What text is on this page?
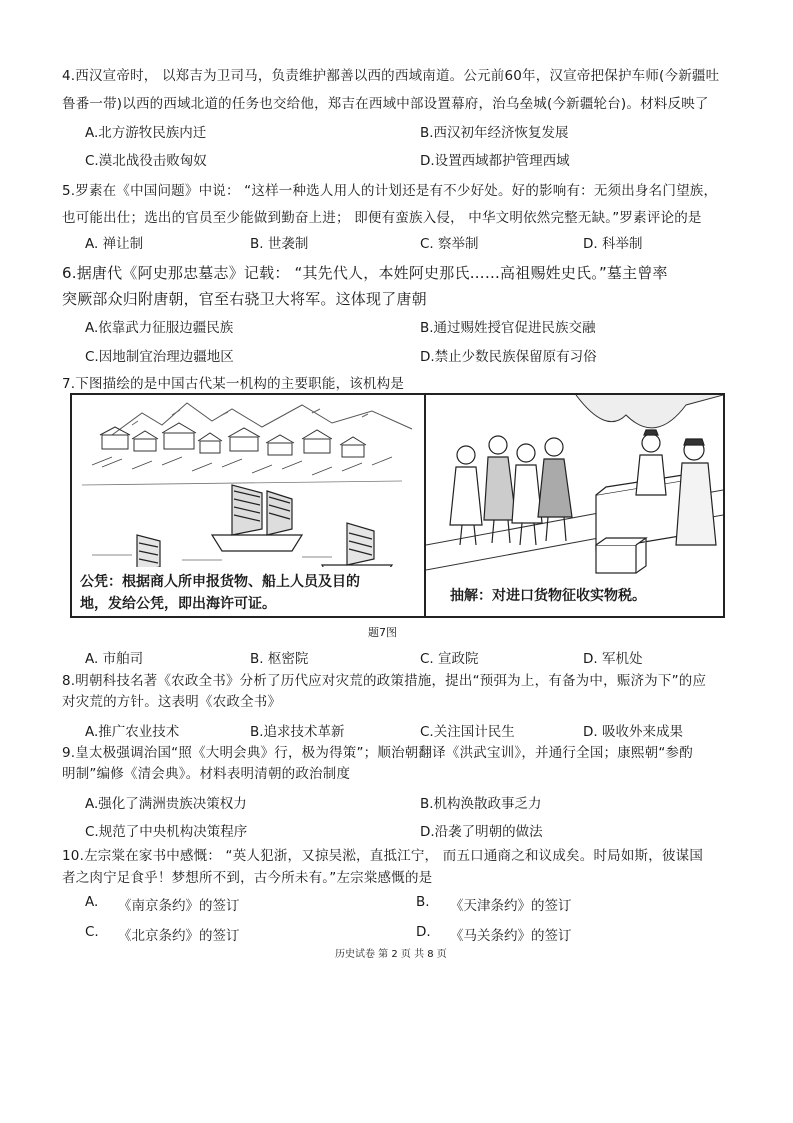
4.西汉宣帝时， 以郑吉为卫司马，负责维护鄯善以西的西域南道。公元前60年，汉宣帝把保护车师(今新疆吐
鲁番一带)以西的西域北道的任务也交给他，郑吉在西域中部设置幕府，治乌垒城(今新疆轮台)。材料反映了
A.北方游牧民族内迁	B.西汉初年经济恢复发展
C.漠北战役击败匈奴	D.设置西域都护管理西域
5.罗素在《中国问题》中说： “这样一种选人用人的计划还是有不少好处。好的影响有：无须出身名门望族，
也可能出仕；选出的官员至少能做到勤奋上进； 即便有蛮族入侵， 中华文明依然完整无缺。”罗素评论的是
A. 禅让制	B. 世袭制	C. 察举制	D. 科举制
6.据唐代《阿史那忠墓志》记载： “其先代人，本姓阿史那氏……高祖赐姓史氏。”墓主曾率
突厥部众归附唐朝，官至右骁卫大将军。这体现了唐朝
A.依靠武力征服边疆民族	B.通过赐姓授官促进民族交融
C.因地制宜治理边疆地区	D.禁止少数民族保留原有习俗
7.下图描绘的是中国古代某一机构的主要职能，该机构是
公凭：根据商人所申报货物、船上人员及目的
地，发给公凭，即出海许可证。	抽解：对进口货物征收实物税。
题7图
A. 市舶司	B. 枢密院	C. 宣政院	D. 军机处
8.明朝科技名著《农政全书》分析了历代应对灾荒的政策措施，提出“预弭为上，有备为中，赈济为下”的应
对灾荒的方针。这表明《农政全书》
A.推广农业技术	B.追求技术革新	C.关注国计民生	D. 吸收外来成果
9.皇太极强调治国“照《大明会典》行，极为得策”；顺治朝翻译《洪武宝训》，并通行全国；康熙朝“参酌
明制”编修《清会典》。材料表明清朝的政治制度
A.强化了满洲贵族决策权力	B.机构涣散政事乏力
C.规范了中央机构决策程序	D.沿袭了明朝的做法
10.左宗棠在家书中感慨： “英人犯浙，又掠吴淞，直抵江宁， 而五口通商之和议成矣。时局如斯，彼谋国
者之肉宁足食乎！梦想所不到，古今所未有。”左宗棠感慨的是
A. 《南京条约》的签订	B. 《天津条约》的签订
C. 《北京条约》的签订	D. 《马关条约》的签订
历史试卷 第 2 页 共 8 页
